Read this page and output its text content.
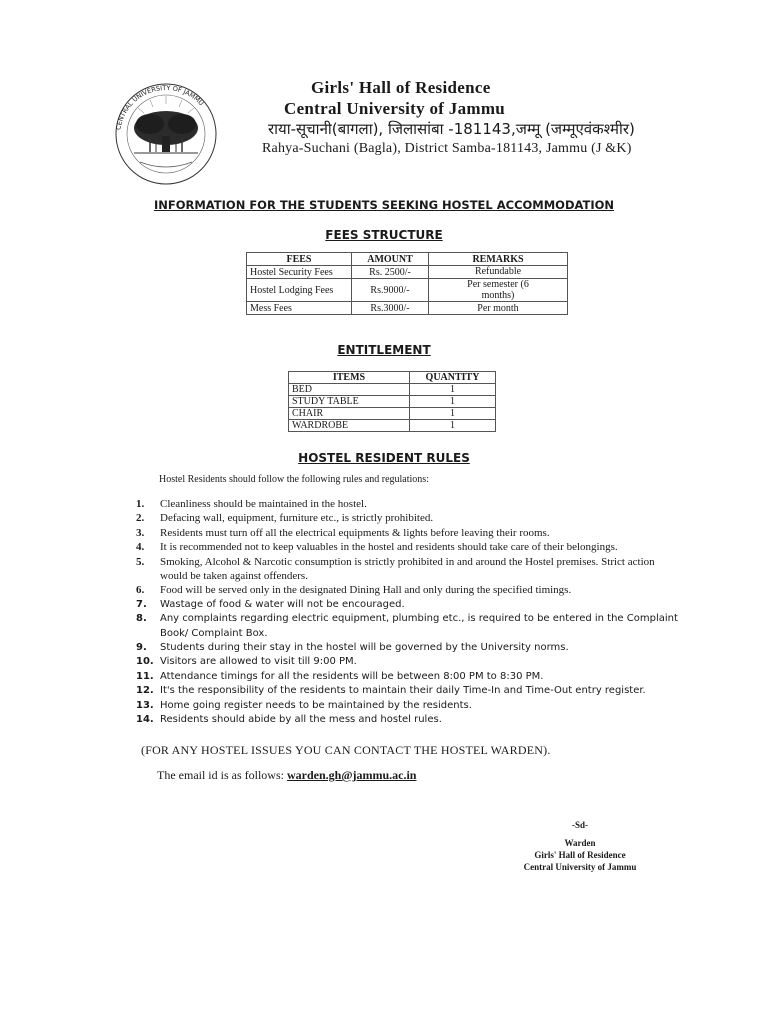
CENTRAL UNIVERSITY OF JAMMU
Girls' Hall of Residence
Central University of Jammu
राया-सूचानी(बागला), जिलासांबा -181143,जम्मू (जम्मूएवंकश्मीर)
Rahya-Suchani (Bagla), District Samba-181143, Jammu (J &K)
INFORMATION FOR THE STUDENTS SEEKING HOSTEL ACCOMMODATION
FEES STRUCTURE
FEES	AMOUNT	REMARKS
Hostel Security Fees	Rs. 2500/-	Refundable
Hostel Lodging Fees	Rs.9000/-	Per semester (6 months)
Mess Fees	Rs.3000/-	Per month
ENTITLEMENT
ITEMS	QUANTITY
BED	1
STUDY TABLE	1
CHAIR	1
WARDROBE	1
HOSTEL RESIDENT RULES
Hostel Residents should follow the following rules and regulations:
1. Cleanliness should be maintained in the hostel.
2. Defacing wall, equipment, furniture etc., is strictly prohibited.
3. Residents must turn off all the electrical equipments & lights before leaving their rooms.
4. It is recommended not to keep valuables in the hostel and residents should take care of their belongings.
5. Smoking, Alcohol & Narcotic consumption is strictly prohibited in and around the Hostel premises. Strict action would be taken against offenders.
6. Food will be served only in the designated Dining Hall and only during the specified timings.
7. Wastage of food & water will not be encouraged.
8. Any complaints regarding electric equipment, plumbing etc., is required to be entered in the Complaint Book/ Complaint Box.
9. Students during their stay in the hostel will be governed by the University norms.
10. Visitors are allowed to visit till 9:00 PM.
11. Attendance timings for all the residents will be between 8:00 PM to 8:30 PM.
12. It's the responsibility of the residents to maintain their daily Time-In and Time-Out entry register.
13. Home going register needs to be maintained by the residents.
14. Residents should abide by all the mess and hostel rules.
(FOR ANY HOSTEL ISSUES YOU CAN CONTACT THE HOSTEL WARDEN).
The email id is as follows: warden.gh@jammu.ac.in
-Sd-
Warden
Girls' Hall of Residence
Central University of Jammu
